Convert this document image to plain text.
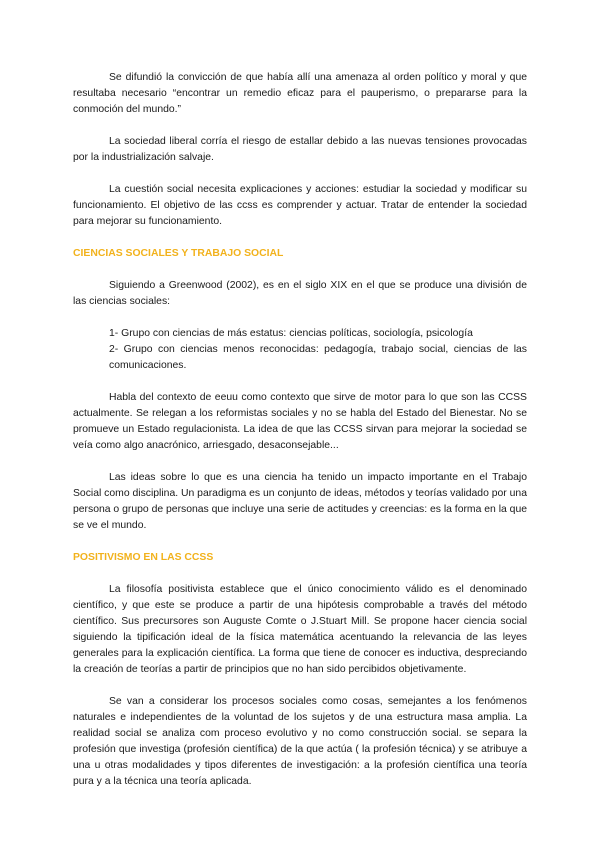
Se difundió la convicción de que había allí una amenaza al orden político y moral y que resultaba necesario “encontrar un remedio eficaz para el pauperismo, o prepararse para la conmoción del mundo.”

La sociedad liberal corría el riesgo de estallar debido a las nuevas tensiones provocadas por la industrialización salvaje.

La cuestión social necesita explicaciones y acciones: estudiar la sociedad y modificar su funcionamiento. El objetivo de las ccss es comprender y actuar. Tratar de entender la sociedad para mejorar su funcionamiento.

CIENCIAS SOCIALES Y TRABAJO SOCIAL

Siguiendo a Greenwood (2002), es en el siglo XIX en el que se produce una división de las ciencias sociales:

1- Grupo con ciencias de más estatus: ciencias políticas, sociología, psicología

2- Grupo con ciencias menos reconocidas: pedagogía, trabajo social, ciencias de las comunicaciones.

Habla del contexto de eeuu como contexto que sirve de motor para lo que son las CCSS actualmente. Se relegan a los reformistas sociales y no se habla del Estado del Bienestar. No se promueve un Estado regulacionista. La idea de que las CCSS sirvan para mejorar la sociedad se veía como algo anacrónico, arriesgado, desaconsejable...

Las ideas sobre lo que es una ciencia ha tenido un impacto importante en el Trabajo Social como disciplina. Un paradigma es un conjunto de ideas, métodos y teorías validado por una persona o grupo de personas que incluye una serie de actitudes y creencias: es la forma en la que se ve el mundo.

POSITIVISMO EN LAS CCSS

La filosofía positivista establece que el único conocimiento válido es el denominado científico, y que este se produce a partir de una hipótesis comprobable a través del método científico. Sus precursores son Auguste Comte o J.Stuart Mill. Se propone hacer ciencia social siguiendo la tipificación ideal de la física matemática acentuando la relevancia de las leyes generales para la explicación científica. La forma que tiene de conocer es inductiva, despreciando la creación de teorías a partir de principios que no han sido percibidos objetivamente.

Se van a considerar los procesos sociales como cosas, semejantes a los fenómenos naturales e independientes de la voluntad de los sujetos y de una estructura masa amplia. La realidad social se analiza com proceso evolutivo y no como construcción social. se separa la profesión que investiga (profesión científica) de la que actúa ( la profesión técnica) y se atribuye a una u otras modalidades y tipos diferentes de investigación: a la profesión científica una teoría pura y a la técnica una teoría aplicada.
